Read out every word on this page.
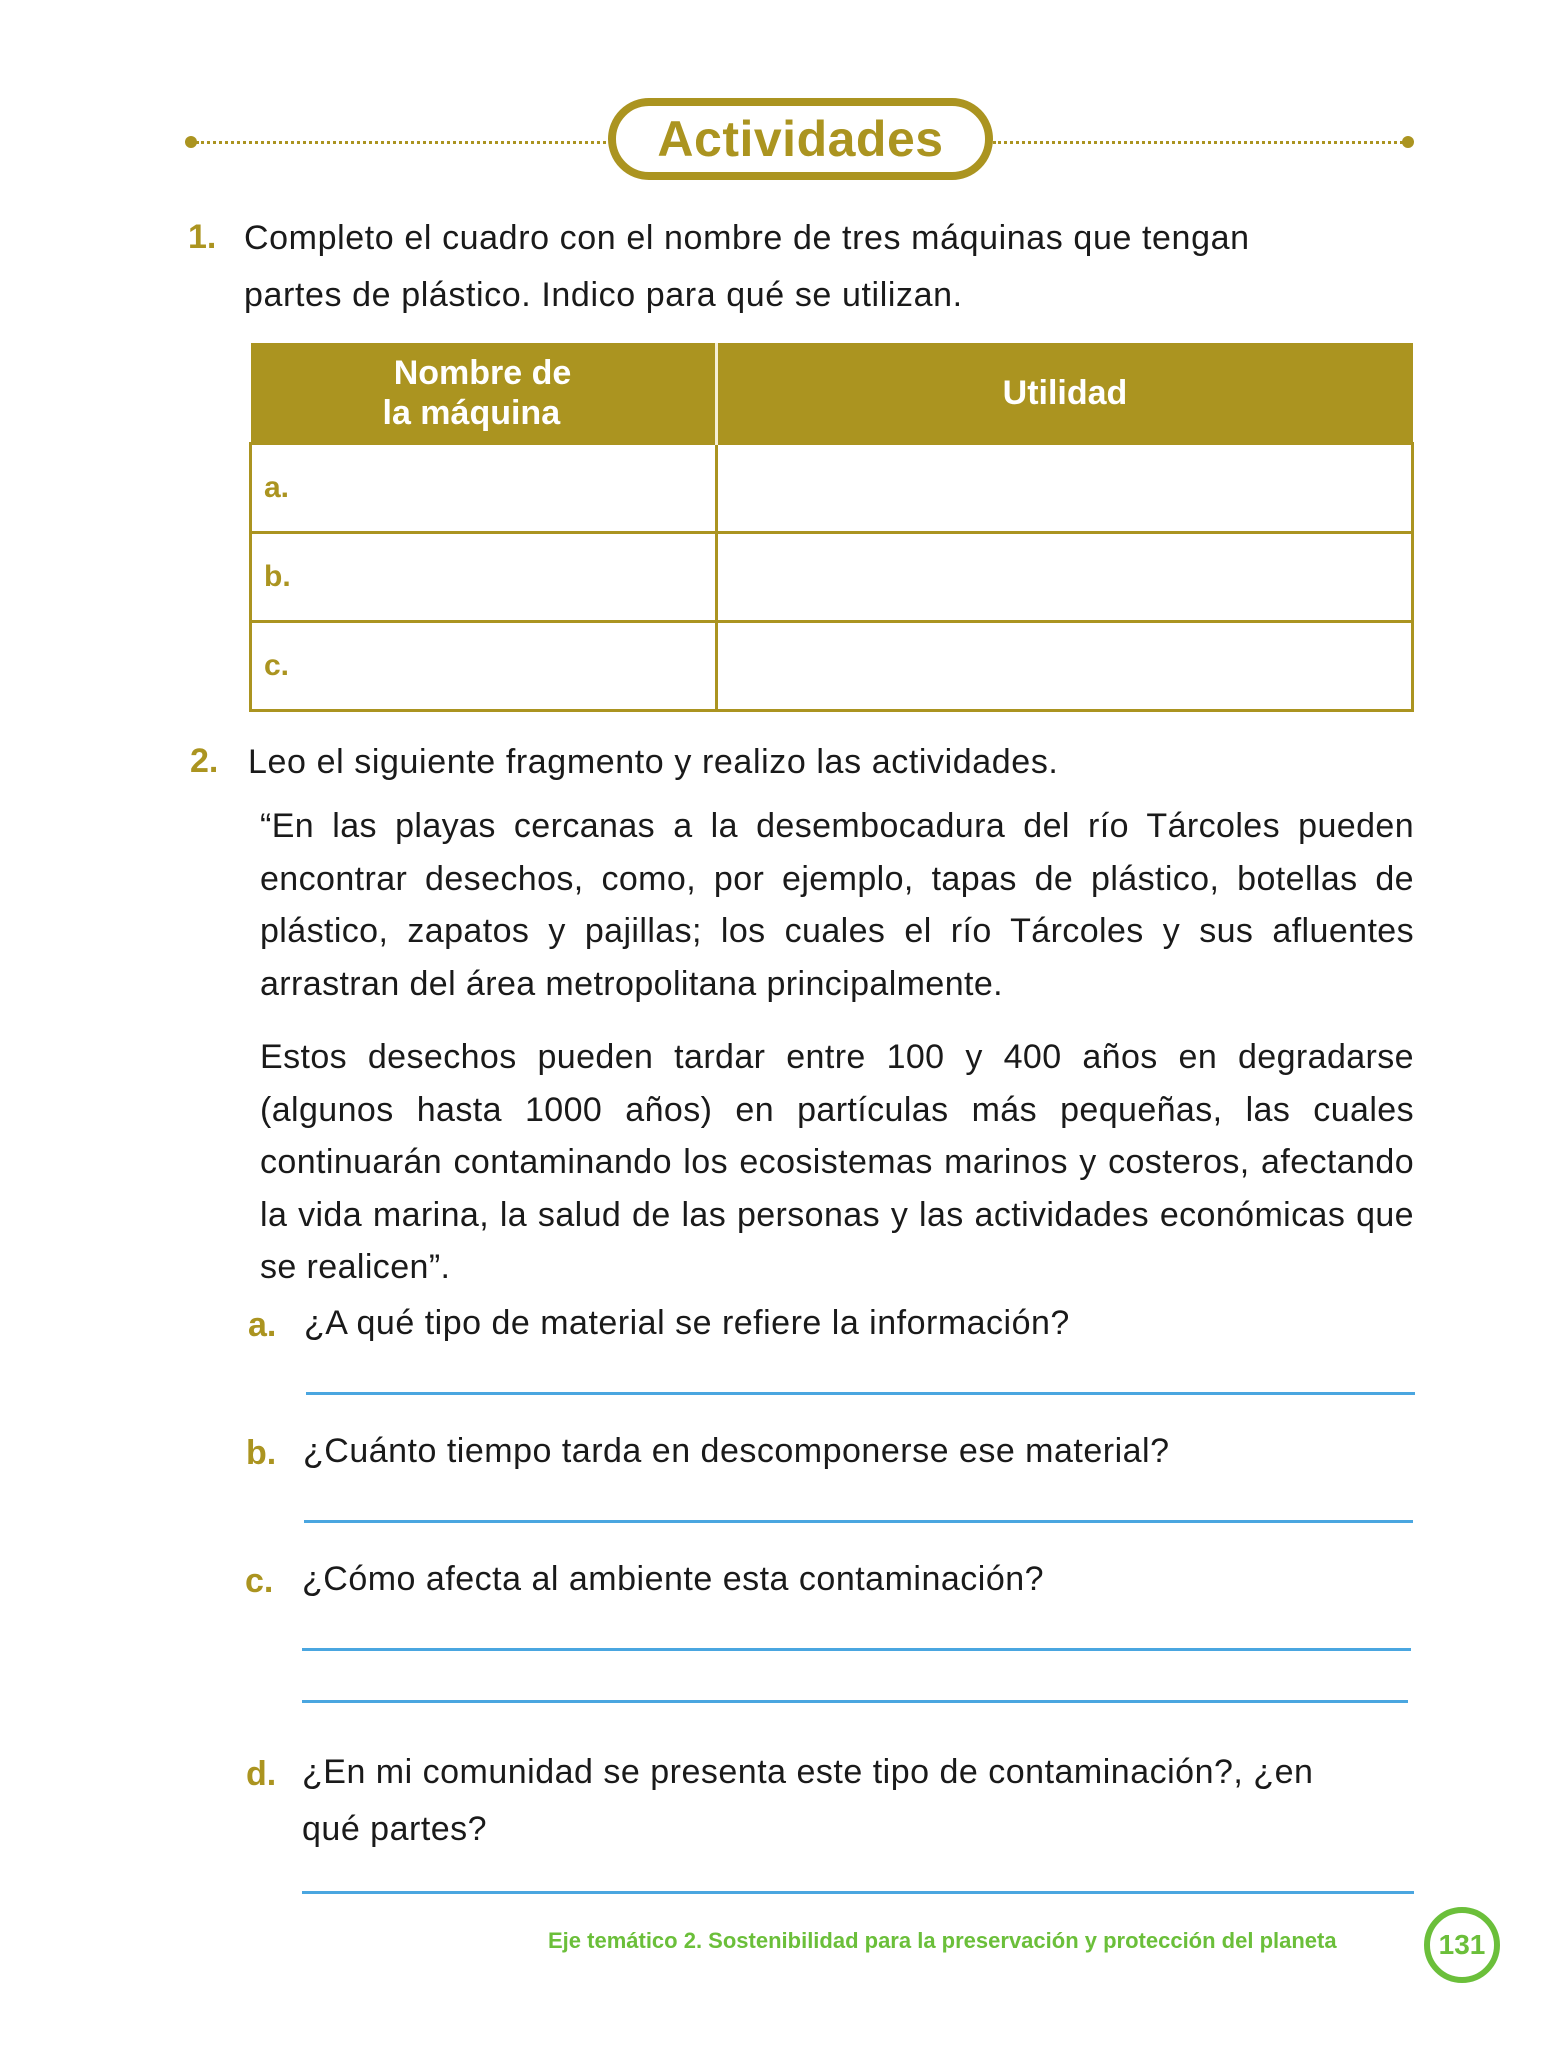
Actividades
1. Completo el cuadro con el nombre de tres máquinas que tengan
partes de plástico. Indico para qué se utilizan.
Nombre de
la máquina	Utilidad
a.	
b.	
c.	
2. Leo el siguiente fragmento y realizo las actividades.
“En las playas cercanas a la desembocadura del río Tárcoles pueden encontrar desechos, como, por ejemplo, tapas de plástico, botellas de plástico, zapatos y pajillas; los cuales el río Tárcoles y sus afluentes arrastran del área metropolitana principalmente.
Estos desechos pueden tardar entre 100 y 400 años en degradarse (algunos hasta 1000 años) en partículas más pequeñas, las cuales continuarán contaminando los ecosistemas marinos y costeros, afectando la vida marina, la salud de las personas y las actividades económicas que se realicen”.
a. ¿A qué tipo de material se refiere la información?
b. ¿Cuánto tiempo tarda en descomponerse ese material?
c. ¿Cómo afecta al ambiente esta contaminación?
d. ¿En mi comunidad se presenta este tipo de contaminación?, ¿en
qué partes?
Eje temático 2. Sostenibilidad para la preservación y protección del planeta	131
